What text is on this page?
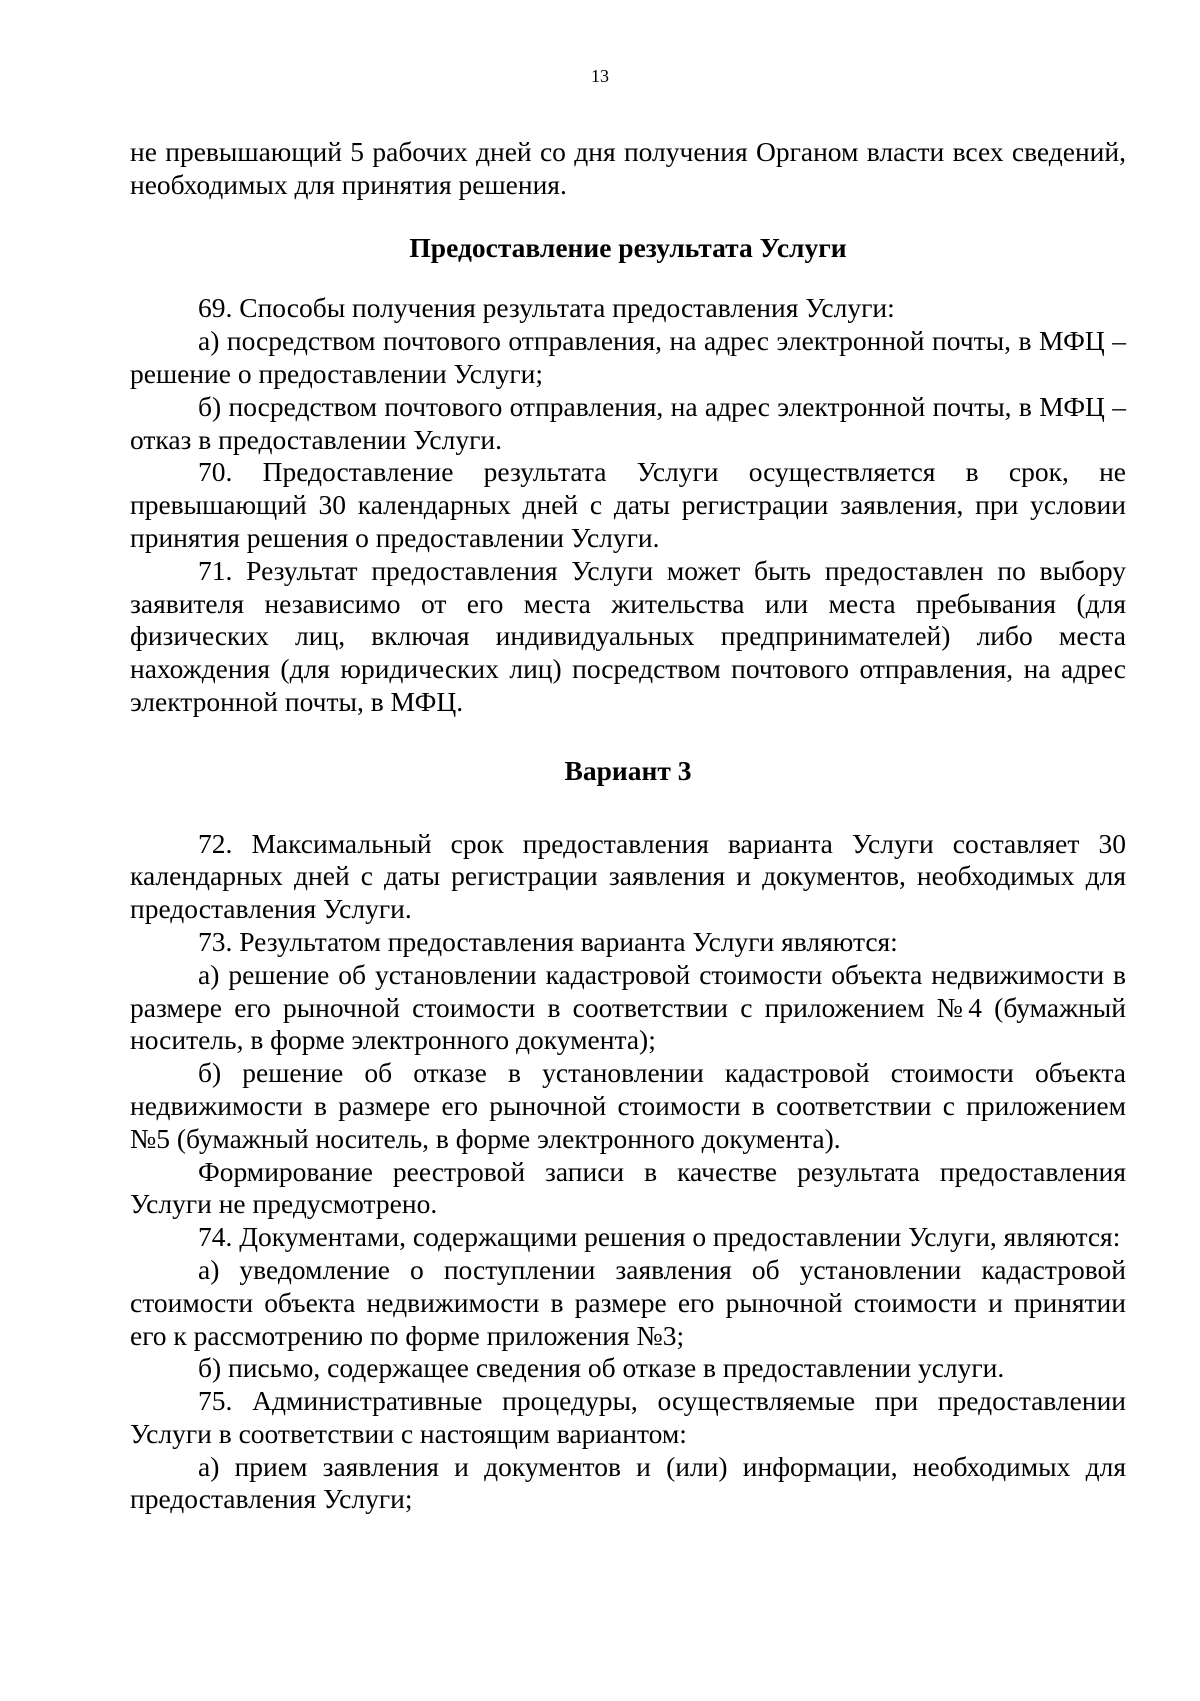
13

не превышающий 5 рабочих дней со дня получения Органом власти всех сведений, необходимых для принятия решения.

Предоставление результата Услуги

69. Способы получения результата предоставления Услуги:

а) посредством почтового отправления, на адрес электронной почты, в МФЦ – решение о предоставлении Услуги;

б) посредством почтового отправления, на адрес электронной почты, в МФЦ – отказ в предоставлении Услуги.

70. Предоставление результата Услуги осуществляется в срок, не превышающий 30 календарных дней с даты регистрации заявления, при условии принятия решения о предоставлении Услуги.

71. Результат предоставления Услуги может быть предоставлен по выбору заявителя независимо от его места жительства или места пребывания (для физических лиц, включая индивидуальных предпринимателей) либо места нахождения (для юридических лиц) посредством почтового отправления, на адрес электронной почты, в МФЦ.

Вариант 3

72. Максимальный срок предоставления варианта Услуги составляет 30 календарных дней с даты регистрации заявления и документов, необходимых для предоставления Услуги.

73. Результатом предоставления варианта Услуги являются:

а) решение об установлении кадастровой стоимости объекта недвижимости в размере его рыночной стоимости в соответствии с приложением №4 (бумажный носитель, в форме электронного документа);

б) решение об отказе в установлении кадастровой стоимости объекта недвижимости в размере его рыночной стоимости в соответствии с приложением №5 (бумажный носитель, в форме электронного документа).

Формирование реестровой записи в качестве результата предоставления Услуги не предусмотрено.

74. Документами, содержащими решения о предоставлении Услуги, являются:

а) уведомление о поступлении заявления об установлении кадастровой стоимости объекта недвижимости в размере его рыночной стоимости и принятии его к рассмотрению по форме приложения №3;

б) письмо, содержащее сведения об отказе в предоставлении услуги.

75. Административные процедуры, осуществляемые при предоставлении Услуги в соответствии с настоящим вариантом:

а) прием заявления и документов и (или) информации, необходимых для предоставления Услуги;
